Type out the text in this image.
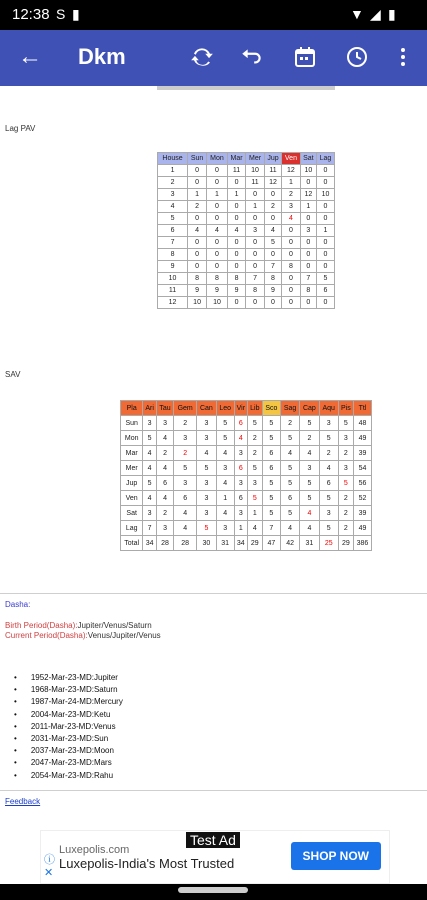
12:38 S ▮	▼ ◢ ▮
← Dkm
Lag PAV
House	Sun	Mon	Mar	Mer	Jup	Ven	Sat	Lag
1	0	0	11	10	11	12	10	0
2	0	0	0	11	12	1	0	0
3	1	1	1	0	0	2	12	10
4	2	0	0	1	2	3	1	0
5	0	0	0	0	0	4	0	0
6	4	4	4	3	4	0	3	1
7	0	0	0	0	5	0	0	0
8	0	0	0	0	0	0	0	0
9	0	0	0	0	7	8	0	0
10	8	8	8	7	8	0	7	5
11	9	9	9	8	9	0	8	6
12	10	10	0	0	0	0	0	0
SAV
Pla	Ari	Tau	Gem	Can	Leo	Vir	Lib	Sco	Sag	Cap	Aqu	Pis	Ttl
Sun	3	3	2	3	5	6	5	5	2	5	3	5	48
Mon	5	4	3	3	5	4	2	5	5	2	5	3	49
Mar	4	2	2	4	4	3	2	6	4	4	2	2	39
Mer	4	4	5	5	3	6	5	6	5	3	4	3	54
Jup	5	6	3	3	4	3	3	5	5	5	6	5	56
Ven	4	4	6	3	1	6	5	5	6	5	5	2	52
Sat	3	2	4	3	4	3	1	5	5	4	3	2	39
Lag	7	3	4	5	3	1	4	7	4	4	5	2	49
Total	34	28	28	30	31	34	29	47	42	31	25	29	386
Dasha:
Birth Period(Dasha):Jupiter/Venus/Saturn
Current Period(Dasha):Venus/Jupiter/Venus
• 1952-Mar-23-MD:Jupiter
• 1968-Mar-23-MD:Saturn
• 1987-Mar-24-MD:Mercury
• 2004-Mar-23-MD:Ketu
• 2011-Mar-23-MD:Venus
• 2031-Mar-23-MD:Sun
• 2037-Mar-23-MD:Moon
• 2047-Mar-23-MD:Mars
• 2054-Mar-23-MD:Rahu
Feedback
Test Ad
ⓘ
✕
Luxepolis.com
Luxepolis-India's Most Trusted	SHOP NOW
